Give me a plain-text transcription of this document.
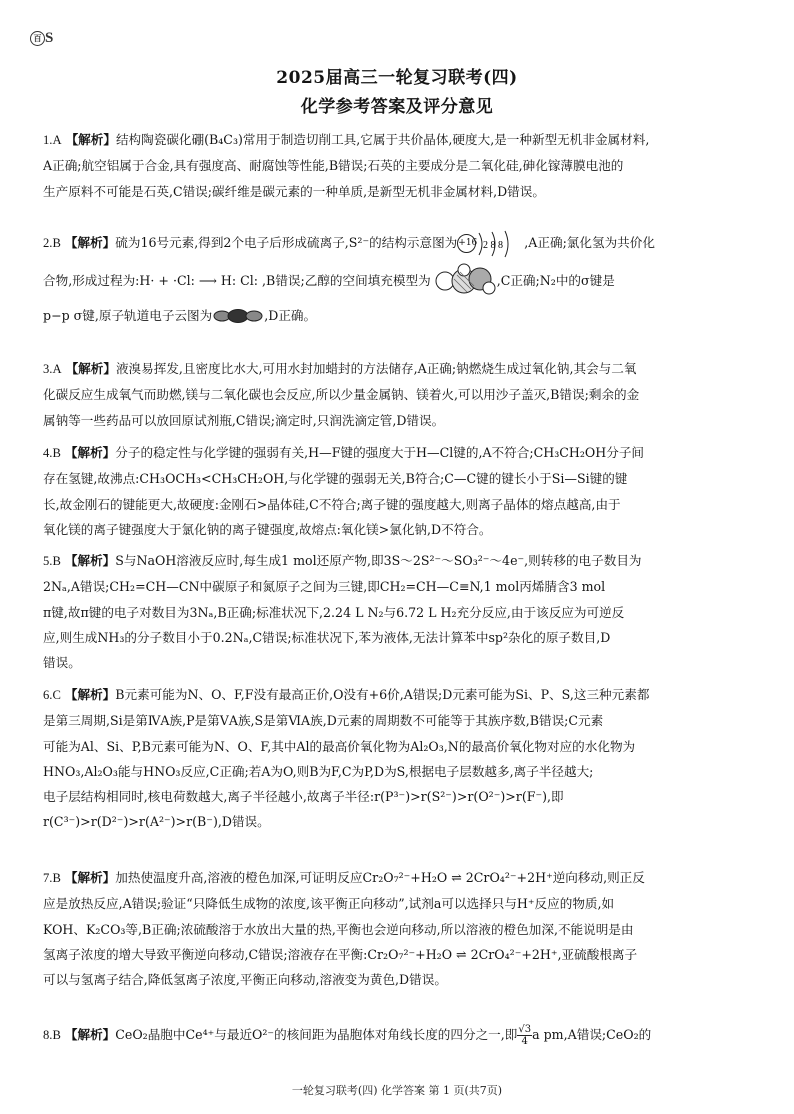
百 S
2025届高三一轮复习联考(四)
化学参考答案及评分意见

1.A 【解析】结构陶瓷碳化硼(B₄C₃)常用于制造切削工具,它属于共价晶体,硬度大,是一种新型无机非金属材料,

A正确;航空铝属于合金,具有强度高、耐腐蚀等性能,B错误;石英的主要成分是二氧化硅,砷化镓薄膜电池的

生产原料不可能是石英,C错误;碳纤维是碳元素的一种单质,是新型无机非金属材料,D错误。

2.B 【解析】硫为16号元素,得到2个电子后形成硫离子,S²⁻的结构示意图为+16 2 8 8 ,A正确;氯化氢为共价化

合物,形成过程为:H· + ·Cl: ⟶ H: Cl: ,B错误;乙醇的空间填充模型为	,C正确;N₂中的σ键是

p−p σ键,原子轨道电子云图为	,D正确。

3.A 【解析】液溴易挥发,且密度比水大,可用水封加蜡封的方法储存,A正确;钠燃烧生成过氧化钠,其会与二氧

化碳反应生成氧气而助燃,镁与二氧化碳也会反应,所以少量金属钠、镁着火,可以用沙子盖灭,B错误;剩余的金

属钠等一些药品可以放回原试剂瓶,C错误;滴定时,只润洗滴定管,D错误。

4.B 【解析】分子的稳定性与化学键的强弱有关,H—F键的强度大于H—Cl键的,A不符合;CH₃CH₂OH分子间

存在氢键,故沸点:CH₃OCH₃<CH₃CH₂OH,与化学键的强弱无关,B符合;C—C键的键长小于Si—Si键的键

长,故金刚石的键能更大,故硬度:金刚石>晶体硅,C不符合;离子键的强度越大,则离子晶体的熔点越高,由于

氧化镁的离子键强度大于氯化钠的离子键强度,故熔点:氧化镁>氯化钠,D不符合。

5.B 【解析】S与NaOH溶液反应时,每生成1 mol还原产物,即3S～2S²⁻～SO₃²⁻～4e⁻,则转移的电子数目为

2Nₐ,A错误;CH₂=CH—CN中碳原子和氮原子之间为三键,即CH₂=CH—C≡N,1 mol丙烯腈含3 mol

π键,故π键的电子对数目为3Nₐ,B正确;标准状况下,2.24 L N₂与6.72 L H₂充分反应,由于该反应为可逆反

应,则生成NH₃的分子数目小于0.2Nₐ,C错误;标准状况下,苯为液体,无法计算苯中sp²杂化的原子数目,D

错误。

6.C 【解析】B元素可能为N、O、F,F没有最高正价,O没有+6价,A错误;D元素可能为Si、P、S,这三种元素都

是第三周期,Si是第ⅣA族,P是第ⅤA族,S是第ⅥA族,D元素的周期数不可能等于其族序数,B错误;C元素

可能为Al、Si、P,B元素可能为N、O、F,其中Al的最高价氧化物为Al₂O₃,N的最高价氧化物对应的水化物为

HNO₃,Al₂O₃能与HNO₃反应,C正确;若A为O,则B为F,C为P,D为S,根据电子层数越多,离子半径越大;

电子层结构相同时,核电荷数越大,离子半径越小,故离子半径:r(P³⁻)>r(S²⁻)>r(O²⁻)>r(F⁻),即

r(C³⁻)>r(D²⁻)>r(A²⁻)>r(B⁻),D错误。

7.B 【解析】加热使温度升高,溶液的橙色加深,可证明反应Cr₂O₇²⁻+H₂O ⇌ 2CrO₄²⁻+2H⁺逆向移动,则正反

应是放热反应,A错误;验证“只降低生成物的浓度,该平衡正向移动”,试剂a可以选择只与H⁺反应的物质,如

KOH、K₂CO₃等,B正确;浓硫酸溶于水放出大量的热,平衡也会逆向移动,所以溶液的橙色加深,不能说明是由

氢离子浓度的增大导致平衡逆向移动,C错误;溶液存在平衡:Cr₂O₇²⁻+H₂O ⇌ 2CrO₄²⁻+2H⁺,亚硫酸根离子

可以与氢离子结合,降低氢离子浓度,平衡正向移动,溶液变为黄色,D错误。

8.B 【解析】CeO₂晶胞中Ce⁴⁺与最近O²⁻的核间距为晶胞体对角线长度的四分之一,即 $\frac{√3}{4}$ a pm,A错误;CeO₂的

一轮复习联考(四) 化学答案 第 1 页(共7页)
